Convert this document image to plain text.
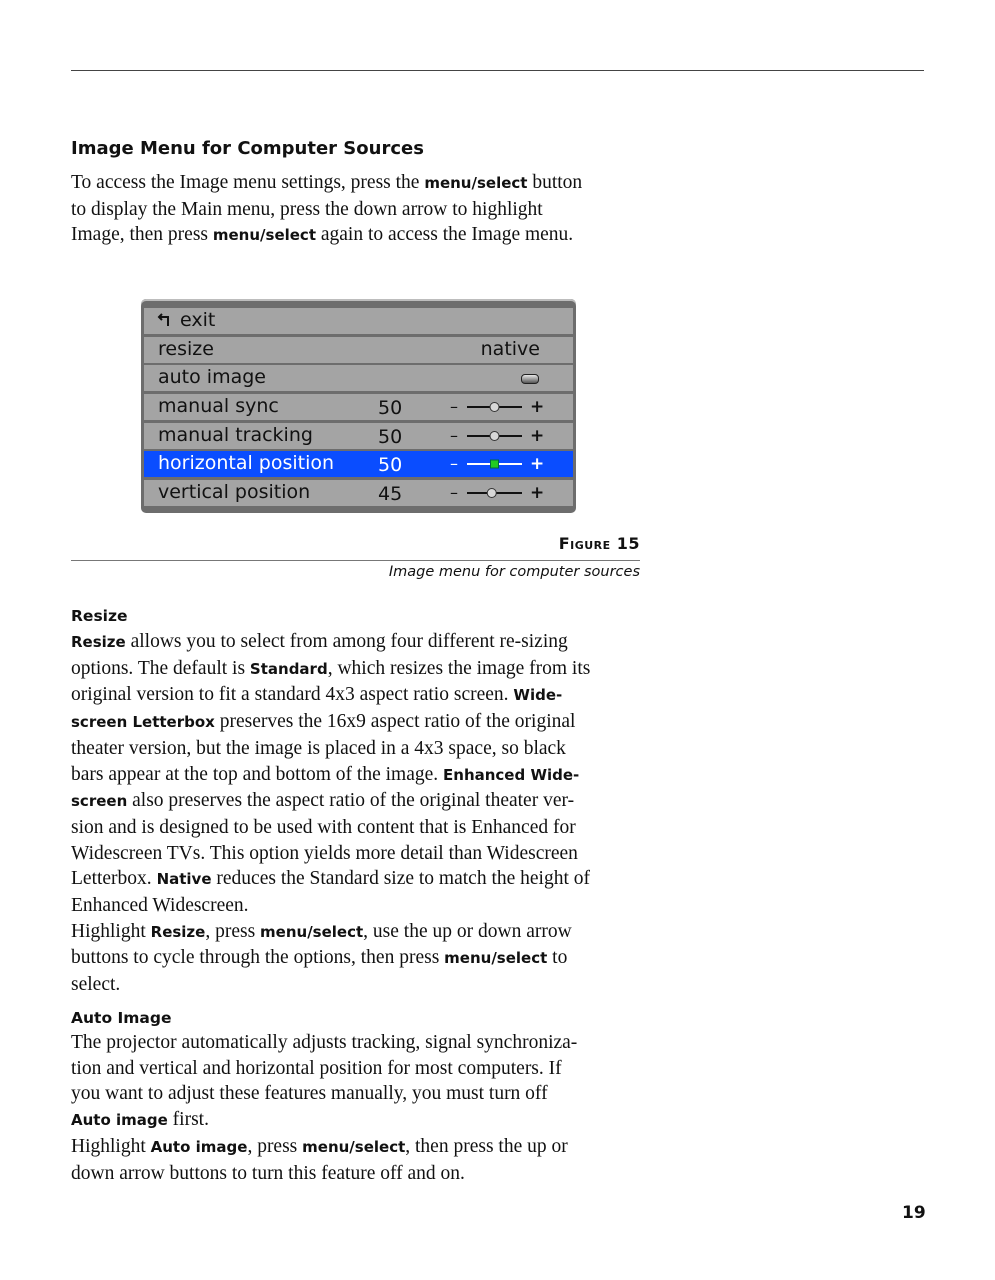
Image Menu for Computer Sources
To access the Image menu settings, press the menu/select button
to display the Main menu, press the down arrow to highlight
Image, then press menu/select again to access the Image menu.
exit
resize	native
auto image
manual sync	50	–	+
manual tracking	50	–	+
horizontal position 50	–	+
vertical position	45	–	+
Figure 15
Image menu for computer sources
Resize
Resize allows you to select from among four different re-sizing
options. The default is Standard, which resizes the image from its
original version to fit a standard 4x3 aspect ratio screen. Wide-
screen Letterbox preserves the 16x9 aspect ratio of the original
theater version, but the image is placed in a 4x3 space, so black
bars appear at the top and bottom of the image. Enhanced Wide-
screen also preserves the aspect ratio of the original theater ver-
sion and is designed to be used with content that is Enhanced for
Widescreen TVs. This option yields more detail than Widescreen
Letterbox. Native reduces the Standard size to match the height of
Enhanced Widescreen.
Highlight Resize, press menu/select, use the up or down arrow
buttons to cycle through the options, then press menu/select to
select.
Auto Image
The projector automatically adjusts tracking, signal synchroniza-
tion and vertical and horizontal position for most computers. If
you want to adjust these features manually, you must turn off
Auto image first.
Highlight Auto image, press menu/select, then press the up or
down arrow buttons to turn this feature off and on.
19
